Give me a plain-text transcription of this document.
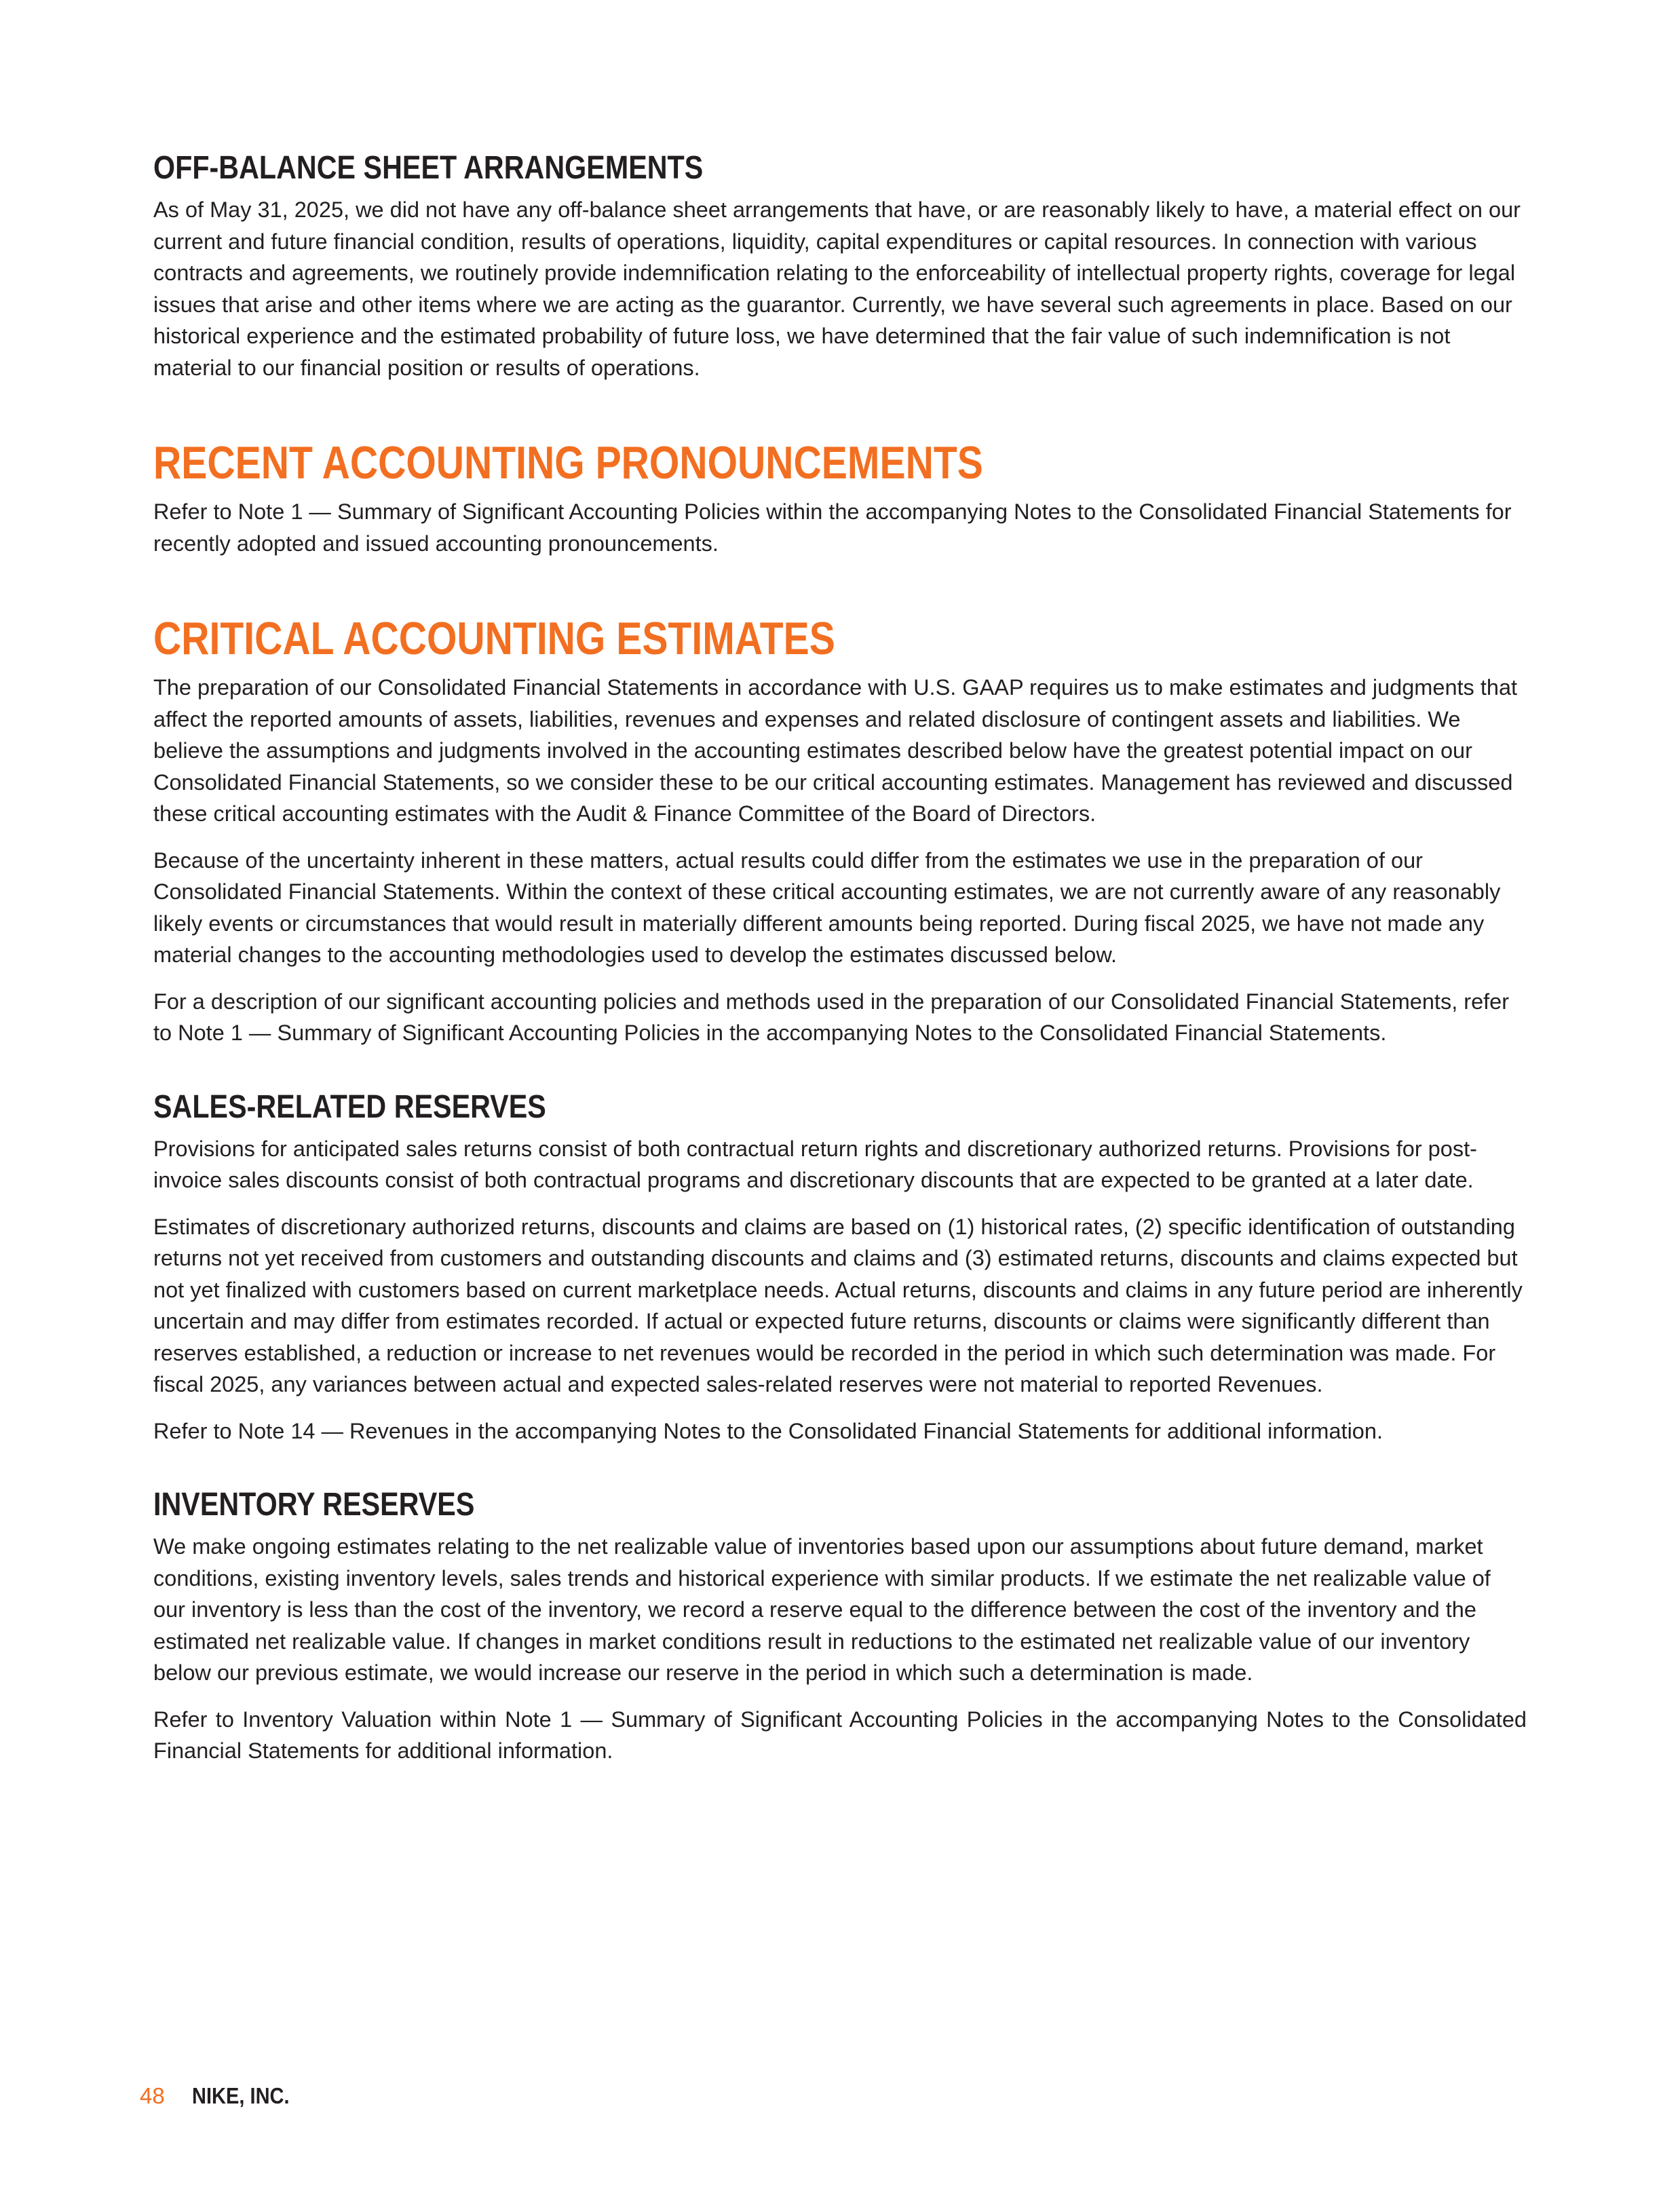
OFF-BALANCE SHEET ARRANGEMENTS

As of May 31, 2025, we did not have any off-balance sheet arrangements that have, or are reasonably likely to have, a material effect on our current and future financial condition, results of operations, liquidity, capital expenditures or capital resources. In connection with various contracts and agreements, we routinely provide indemnification relating to the enforceability of intellectual property rights, coverage for legal issues that arise and other items where we are acting as the guarantor. Currently, we have several such agreements in place. Based on our historical experience and the estimated probability of future loss, we have determined that the fair value of such indemnification is not material to our financial position or results of operations.

RECENT ACCOUNTING PRONOUNCEMENTS

Refer to Note 1 — Summary of Significant Accounting Policies within the accompanying Notes to the Consolidated Financial Statements for recently adopted and issued accounting pronouncements.

CRITICAL ACCOUNTING ESTIMATES

The preparation of our Consolidated Financial Statements in accordance with U.S. GAAP requires us to make estimates and judgments that affect the reported amounts of assets, liabilities, revenues and expenses and related disclosure of contingent assets and liabilities. We believe the assumptions and judgments involved in the accounting estimates described below have the greatest potential impact on our Consolidated Financial Statements, so we consider these to be our critical accounting estimates. Management has reviewed and discussed these critical accounting estimates with the Audit & Finance Committee of the Board of Directors.

Because of the uncertainty inherent in these matters, actual results could differ from the estimates we use in the preparation of our Consolidated Financial Statements. Within the context of these critical accounting estimates, we are not currently aware of any reasonably likely events or circumstances that would result in materially different amounts being reported. During fiscal 2025, we have not made any material changes to the accounting methodologies used to develop the estimates discussed below.

For a description of our significant accounting policies and methods used in the preparation of our Consolidated Financial Statements, refer to Note 1 — Summary of Significant Accounting Policies in the accompanying Notes to the Consolidated Financial Statements.

SALES-RELATED RESERVES

Provisions for anticipated sales returns consist of both contractual return rights and discretionary authorized returns. Provisions for post-invoice sales discounts consist of both contractual programs and discretionary discounts that are expected to be granted at a later date.

Estimates of discretionary authorized returns, discounts and claims are based on (1) historical rates, (2) specific identification of outstanding returns not yet received from customers and outstanding discounts and claims and (3) estimated returns, discounts and claims expected but not yet finalized with customers based on current marketplace needs. Actual returns, discounts and claims in any future period are inherently uncertain and may differ from estimates recorded. If actual or expected future returns, discounts or claims were significantly different than reserves established, a reduction or increase to net revenues would be recorded in the period in which such determination was made. For fiscal 2025, any variances between actual and expected sales-related reserves were not material to reported Revenues.

Refer to Note 14 — Revenues in the accompanying Notes to the Consolidated Financial Statements for additional information.

INVENTORY RESERVES

We make ongoing estimates relating to the net realizable value of inventories based upon our assumptions about future demand, market conditions, existing inventory levels, sales trends and historical experience with similar products. If we estimate the net realizable value of our inventory is less than the cost of the inventory, we record a reserve equal to the difference between the cost of the inventory and the estimated net realizable value. If changes in market conditions result in reductions to the estimated net realizable value of our inventory below our previous estimate, we would increase our reserve in the period in which such a determination is made.

Refer to Inventory Valuation within Note 1 — Summary of Significant Accounting Policies in the accompanying Notes to the Consolidated Financial Statements for additional information.

48 NIKE, INC.
